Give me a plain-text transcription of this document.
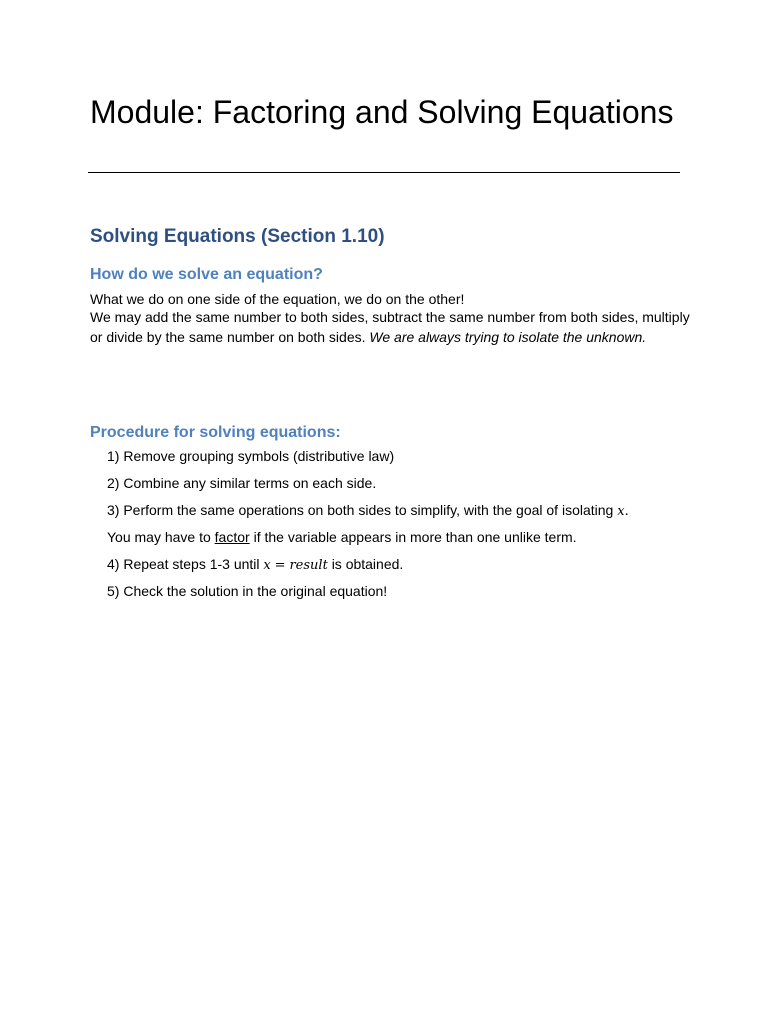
Module: Factoring and Solving Equations
Solving Equations (Section 1.10)
How do we solve an equation?

What we do on one side of the equation, we do on the other!

We may add the same number to both sides, subtract the same number from both sides, multiply or divide by the same number on both sides. We are always trying to isolate the unknown.

Procedure for solving equations:

1) Remove grouping symbols (distributive law)

2) Combine any similar terms on each side.

3) Perform the same operations on both sides to simplify, with the goal of isolating x.

You may have to factor if the variable appears in more than one unlike term.

4) Repeat steps 1-3 until x = result is obtained.

5) Check the solution in the original equation!
